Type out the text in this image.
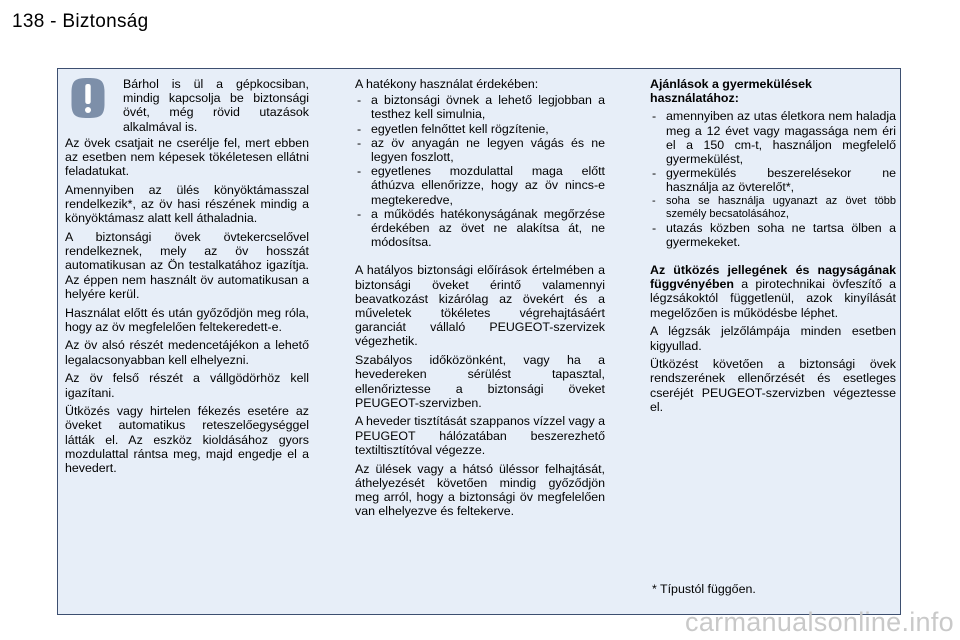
138 - Biztonság

Bárhol is ül a gépkocsiban, mindig kapcsolja be biztonsági övét, még rövid utazások alkalmával is.

Az övek csatjait ne cserélje fel, mert ebben az esetben nem képesek tökéletesen ellátni feladatukat.

Amennyiben az ülés könyöktámasszal rendelkezik*, az öv hasi részének mindig a könyöktámasz alatt kell áthaladnia.

A biztonsági övek övtekercselővel rendelkeznek, mely az öv hosszát automatikusan az Ön testalkatához igazítja. Az éppen nem használt öv automatikusan a helyére kerül.

Használat előtt és után győződjön meg róla, hogy az öv megfelelően feltekeredett-e.

Az öv alsó részét medencetájékon a lehető legalacsonyabban kell elhelyezni.

Az öv felső részét a vállgödörhöz kell igazítani.

Ütközés vagy hirtelen fékezés esetére az öveket automatikus reteszelőegységgel látták el. Az eszköz kioldásához gyors mozdulattal rántsa meg, majd engedje el a hevedert.

A hatékony használat érdekében:

- a biztonsági övnek a lehető legjobban a testhez kell simulnia,
- egyetlen felnőttet kell rögzítenie,
- az öv anyagán ne legyen vágás és ne legyen foszlott,
- egyetlenes mozdulattal maga előtt áthúzva ellenőrizze, hogy az öv nincs-e megtekeredve,
- a működés hatékonyságának megőrzése érdekében az övet ne alakítsa át, ne módosítsa.

A hatályos biztonsági előírások értelmében a biztonsági öveket érintő valamennyi beavatkozást kizárólag az övekért és a műveletek tökéletes végrehajtásáért garanciát vállaló PEUGEOT-szervizek végezhetik.

Szabályos időközönként, vagy ha a hevedereken sérülést tapasztal, ellenőriztesse a biztonsági öveket PEUGEOT-szervizben.

A heveder tisztítását szappanos vízzel vagy a PEUGEOT hálózatában beszerezhető textiltisztítóval végezze.

Az ülések vagy a hátsó üléssor felhajtását, áthelyezését követően mindig győződjön meg arról, hogy a biztonsági öv megfelelően van elhelyezve és feltekerve.

Ajánlások a gyermekülések használatához:

- amennyiben az utas életkora nem haladja meg a 12 évet vagy magassága nem éri el a 150 cm-t, használjon megfelelő gyermekülést,
- gyermekülés beszerelésekor ne használja az övterelőt*,
- soha se használja ugyanazt az övet több személy becsatolásához,
- utazás közben soha ne tartsa ölben a gyermekeket.

Az ütközés jellegének és nagyságának függvényében a pirotechnikai övfeszítő a légzsákoktól függetlenül, azok kinyílását megelőzően is működésbe léphet.

A légzsák jelzőlámpája minden esetben kigyullad.

Ütközést követően a biztonsági övek rendszerének ellenőrzését és esetleges cseréjét PEUGEOT-szervizben végeztesse el.

* Típustól függően.
carmanualsonline.info
